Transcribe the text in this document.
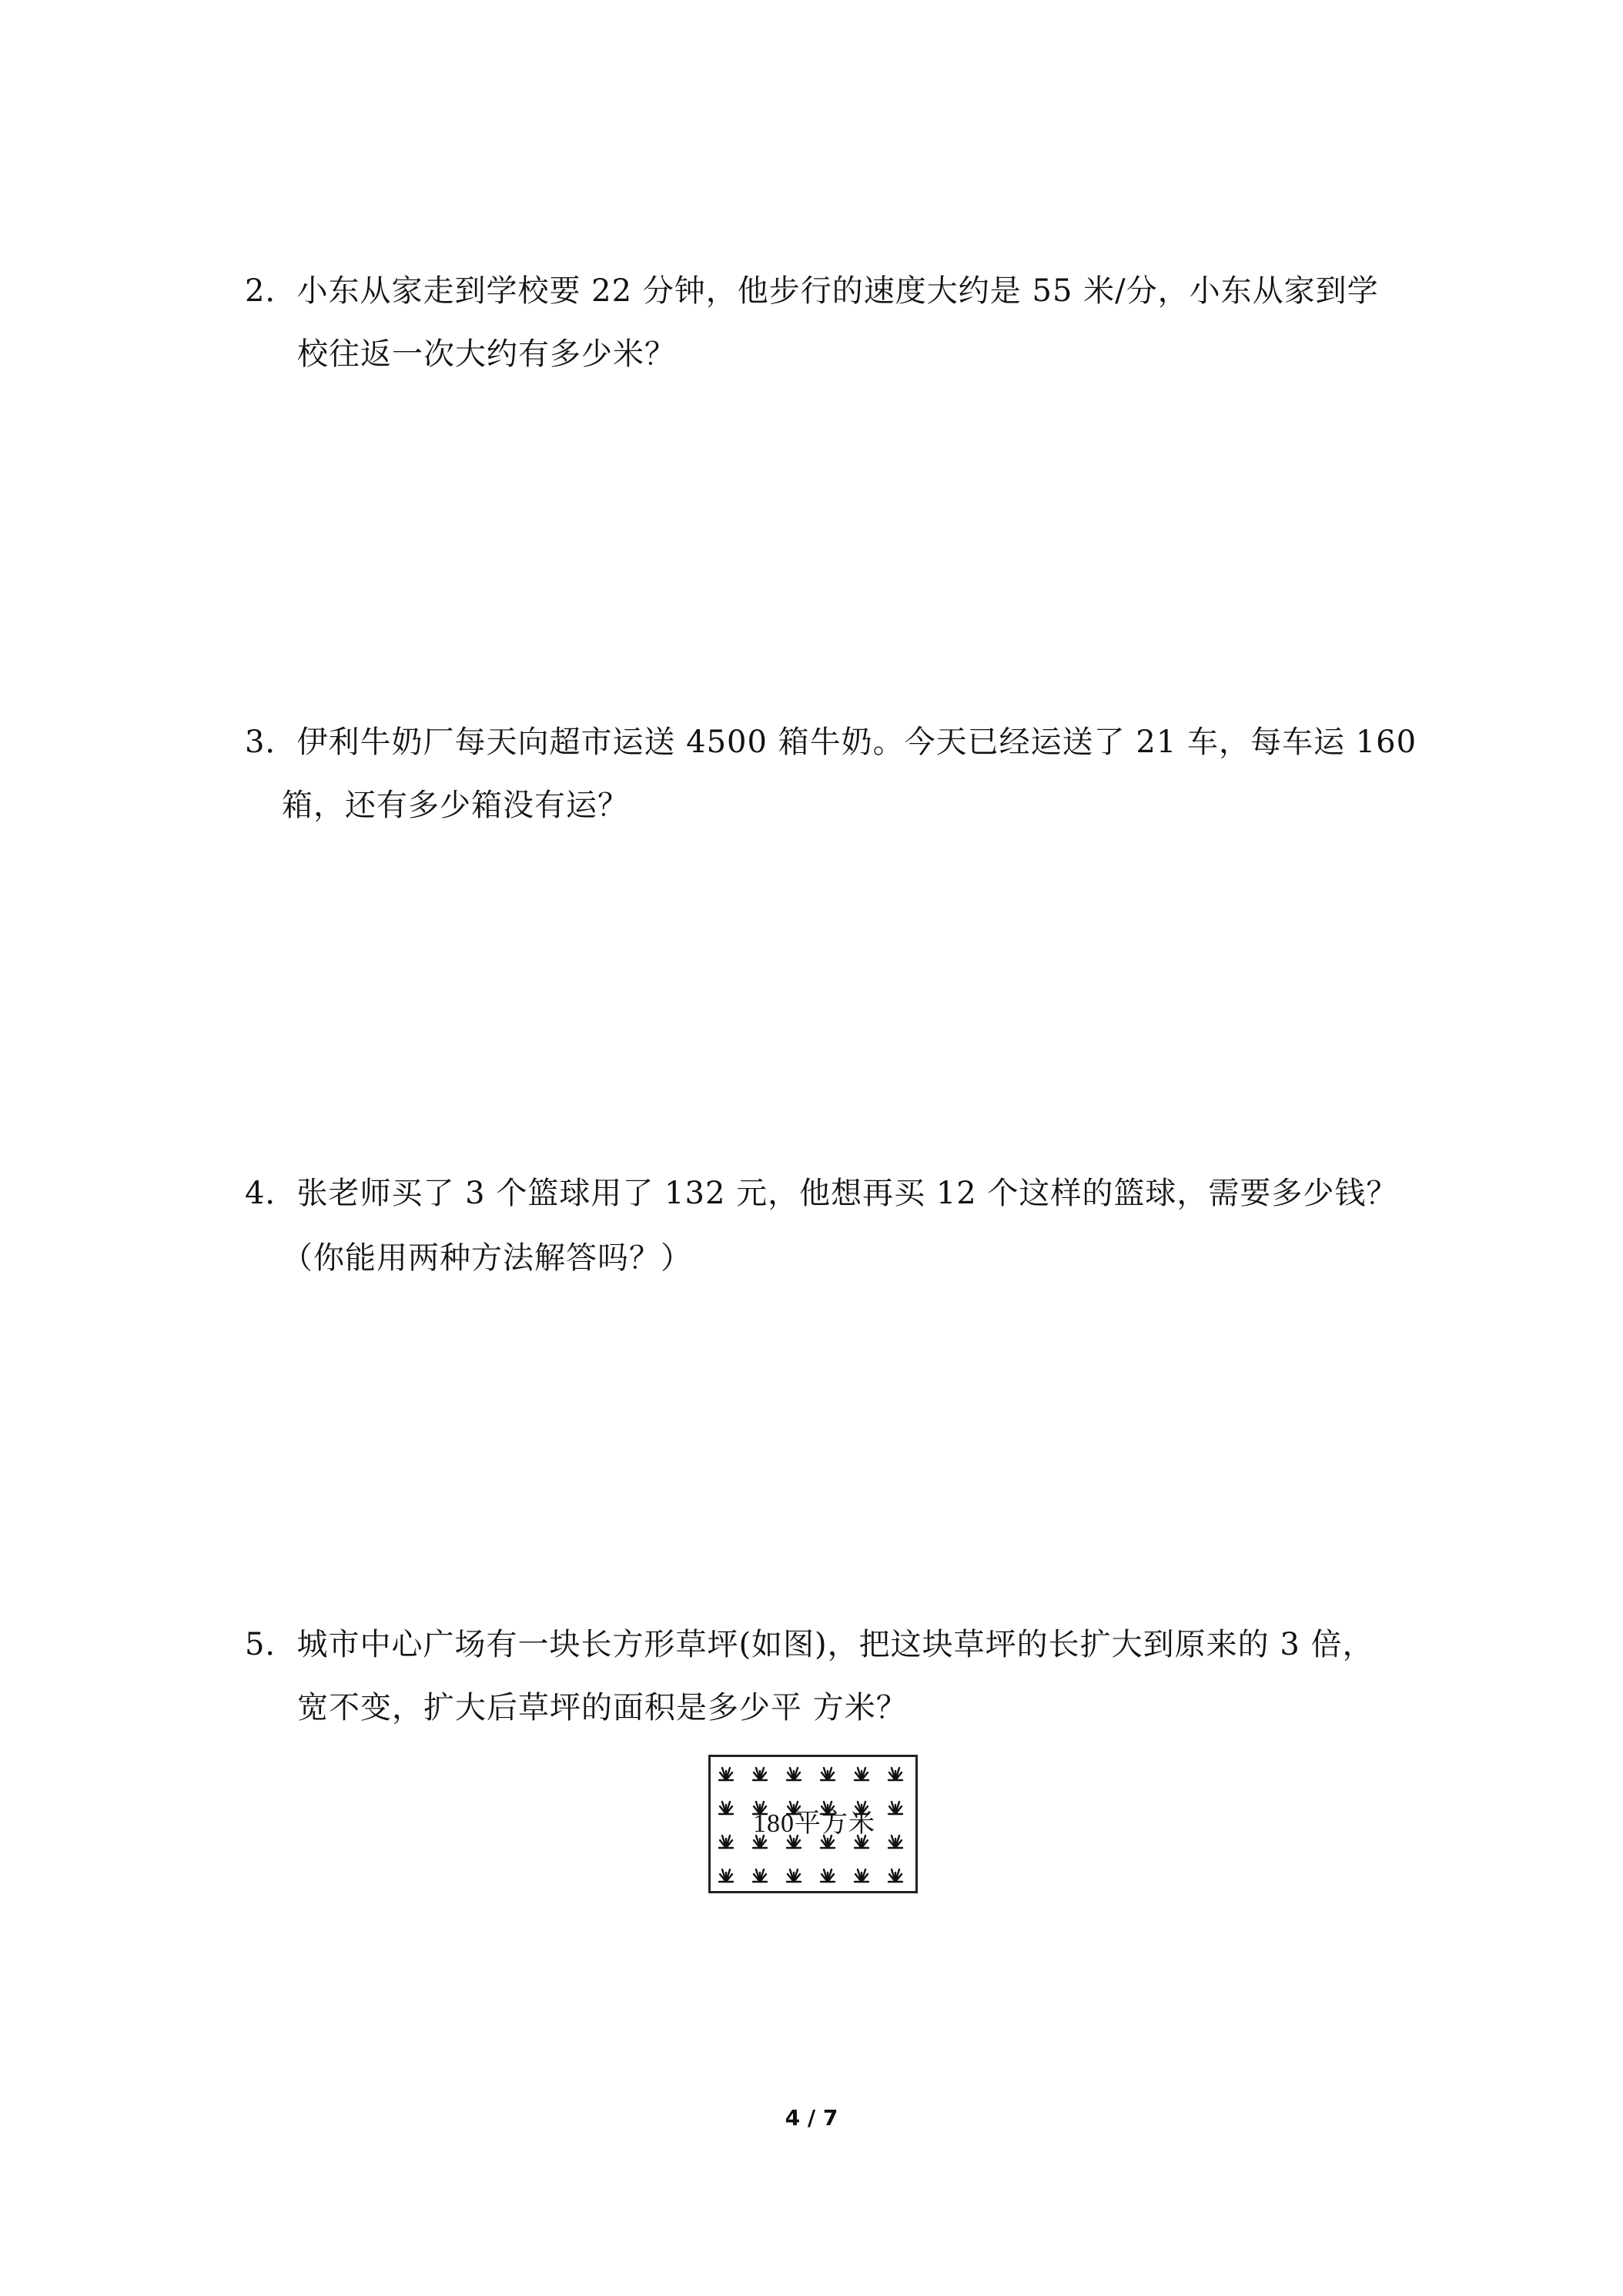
2．小东从家走到学校要 22 分钟，他步行的速度大约是 55 米/分，小东从家到学
校往返一次大约有多少米？
3．伊利牛奶厂每天向超市运送 4500 箱牛奶。今天已经运送了 21 车，每车运 160
箱，还有多少箱没有运？
4．张老师买了 3 个篮球用了 132 元，他想再买 12 个这样的篮球，需要多少钱？
（你能用两种方法解答吗？）
5．城市中心广场有一块长方形草坪(如图)，把这块草坪的长扩大到原来的 3 倍，
宽不变，扩大后草坪的面积是多少平 方米？
180平方米
4 / 7
